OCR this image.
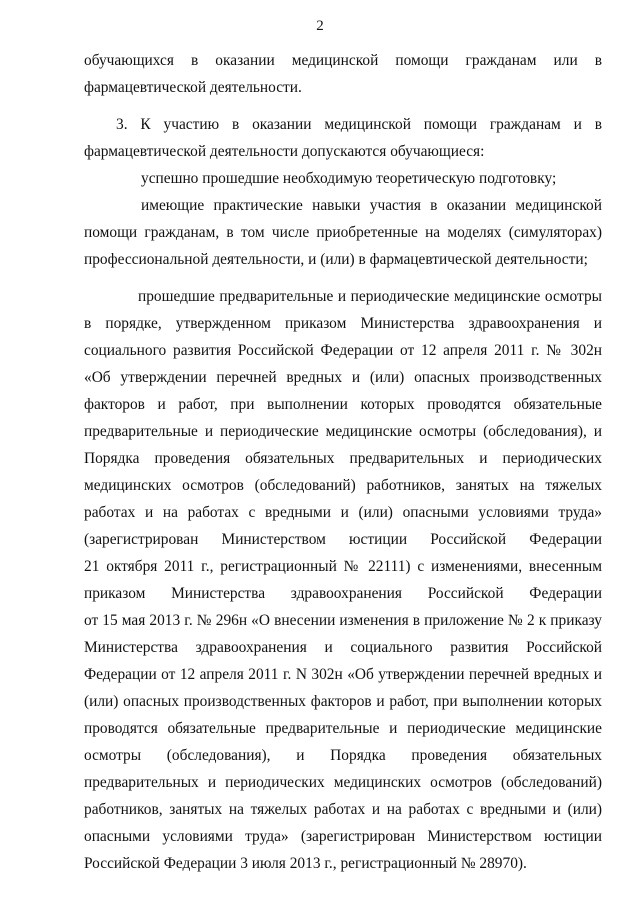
2
обучающихся в оказании медицинской помощи гражданам или в
фармацевтической деятельности.
3. К участию в оказании медицинской помощи гражданам и в
фармацевтической деятельности допускаются обучающиеся:
успешно прошедшие необходимую теоретическую подготовку;
имеющие практические навыки участия в оказании медицинской
помощи гражданам, в том числе приобретенные на моделях (симуляторах)
профессиональной деятельности, и (или) в фармацевтической деятельности;
прошедшие предварительные и периодические медицинские осмотры
в порядке, утвержденном приказом Министерства здравоохранения и
социального развития Российской Федерации от 12 апреля 2011 г. № 302н
«Об утверждении перечней вредных и (или) опасных производственных
факторов и работ, при выполнении которых проводятся обязательные
предварительные и периодические медицинские осмотры (обследования), и
Порядка проведения обязательных предварительных и периодических
медицинских осмотров (обследований) работников, занятых на тяжелых
работах и на работах с вредными и (или) опасными условиями труда»
(зарегистрирован Министерством юстиции Российской Федерации
21 октября 2011 г., регистрационный № 22111) с изменениями, внесенным
приказом Министерства здравоохранения Российской Федерации
от 15 мая 2013 г. № 296н «О внесении изменения в приложение № 2 к приказу
Министерства здравоохранения и социального развития Российской
Федерации от 12 апреля 2011 г. N 302н «Об утверждении перечней вредных и
(или) опасных производственных факторов и работ, при выполнении которых
проводятся обязательные предварительные и периодические медицинские
осмотры (обследования), и Порядка проведения обязательных
предварительных и периодических медицинских осмотров (обследований)
работников, занятых на тяжелых работах и на работах с вредными и (или)
опасными условиями труда» (зарегистрирован Министерством юстиции
Российской Федерации 3 июля 2013 г., регистрационный № 28970).
